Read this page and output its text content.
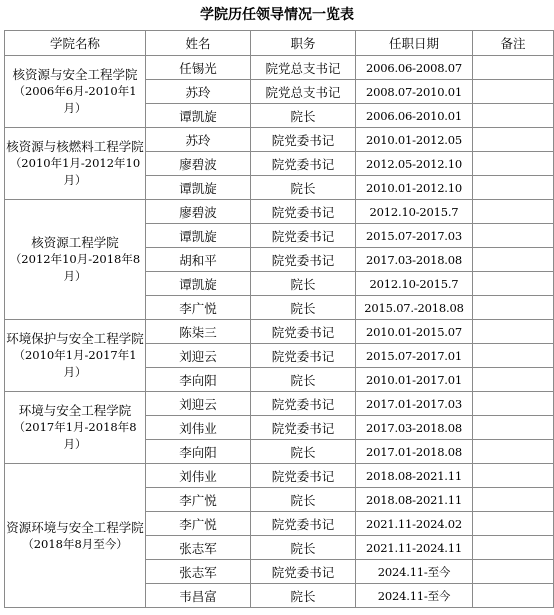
学院历任领导情况一览表
学院名称	姓名	职务	任职日期	备注
核资源与安全工程学院
（2006年6月-2010年1月）	任锡光	院党总支书记	2006.06-2008.07	
	苏玲	院党总支书记	2008.07-2010.01	
	谭凯旋	院长	2006.06-2010.01	
核资源与核燃料工程学院
（2010年1月-2012年10月）	苏玲	院党委书记	2010.01-2012.05	
	廖碧波	院党委书记	2012.05-2012.10	
	谭凯旋	院长	2010.01-2012.10	
核资源工程学院
（2012年10月-2018年8月）	廖碧波	院党委书记	2012.10-2015.7	
	谭凯旋	院党委书记	2015.07-2017.03	
	胡和平	院党委书记	2017.03-2018.08	
	谭凯旋	院长	2012.10-2015.7	
	李广悦	院长	2015.07.-2018.08	
环境保护与安全工程学院
（2010年1月-2017年1月）	陈柒三	院党委书记	2010.01-2015.07	
	刘迎云	院党委书记	2015.07-2017.01	
	李向阳	院长	2010.01-2017.01	
环境与安全工程学院
（2017年1月-2018年8月）	刘迎云	院党委书记	2017.01-2017.03	
	刘伟业	院党委书记	2017.03-2018.08	
	李向阳	院长	2017.01-2018.08	
资源环境与安全工程学院
（2018年8月至今）	刘伟业	院党委书记	2018.08-2021.11	
	李广悦	院长	2018.08-2021.11	
	李广悦	院党委书记	2021.11-2024.02	
	张志军	院长	2021.11-2024.11	
	张志军	院党委书记	2024.11-至今	
	韦昌富	院长	2024.11-至今	
